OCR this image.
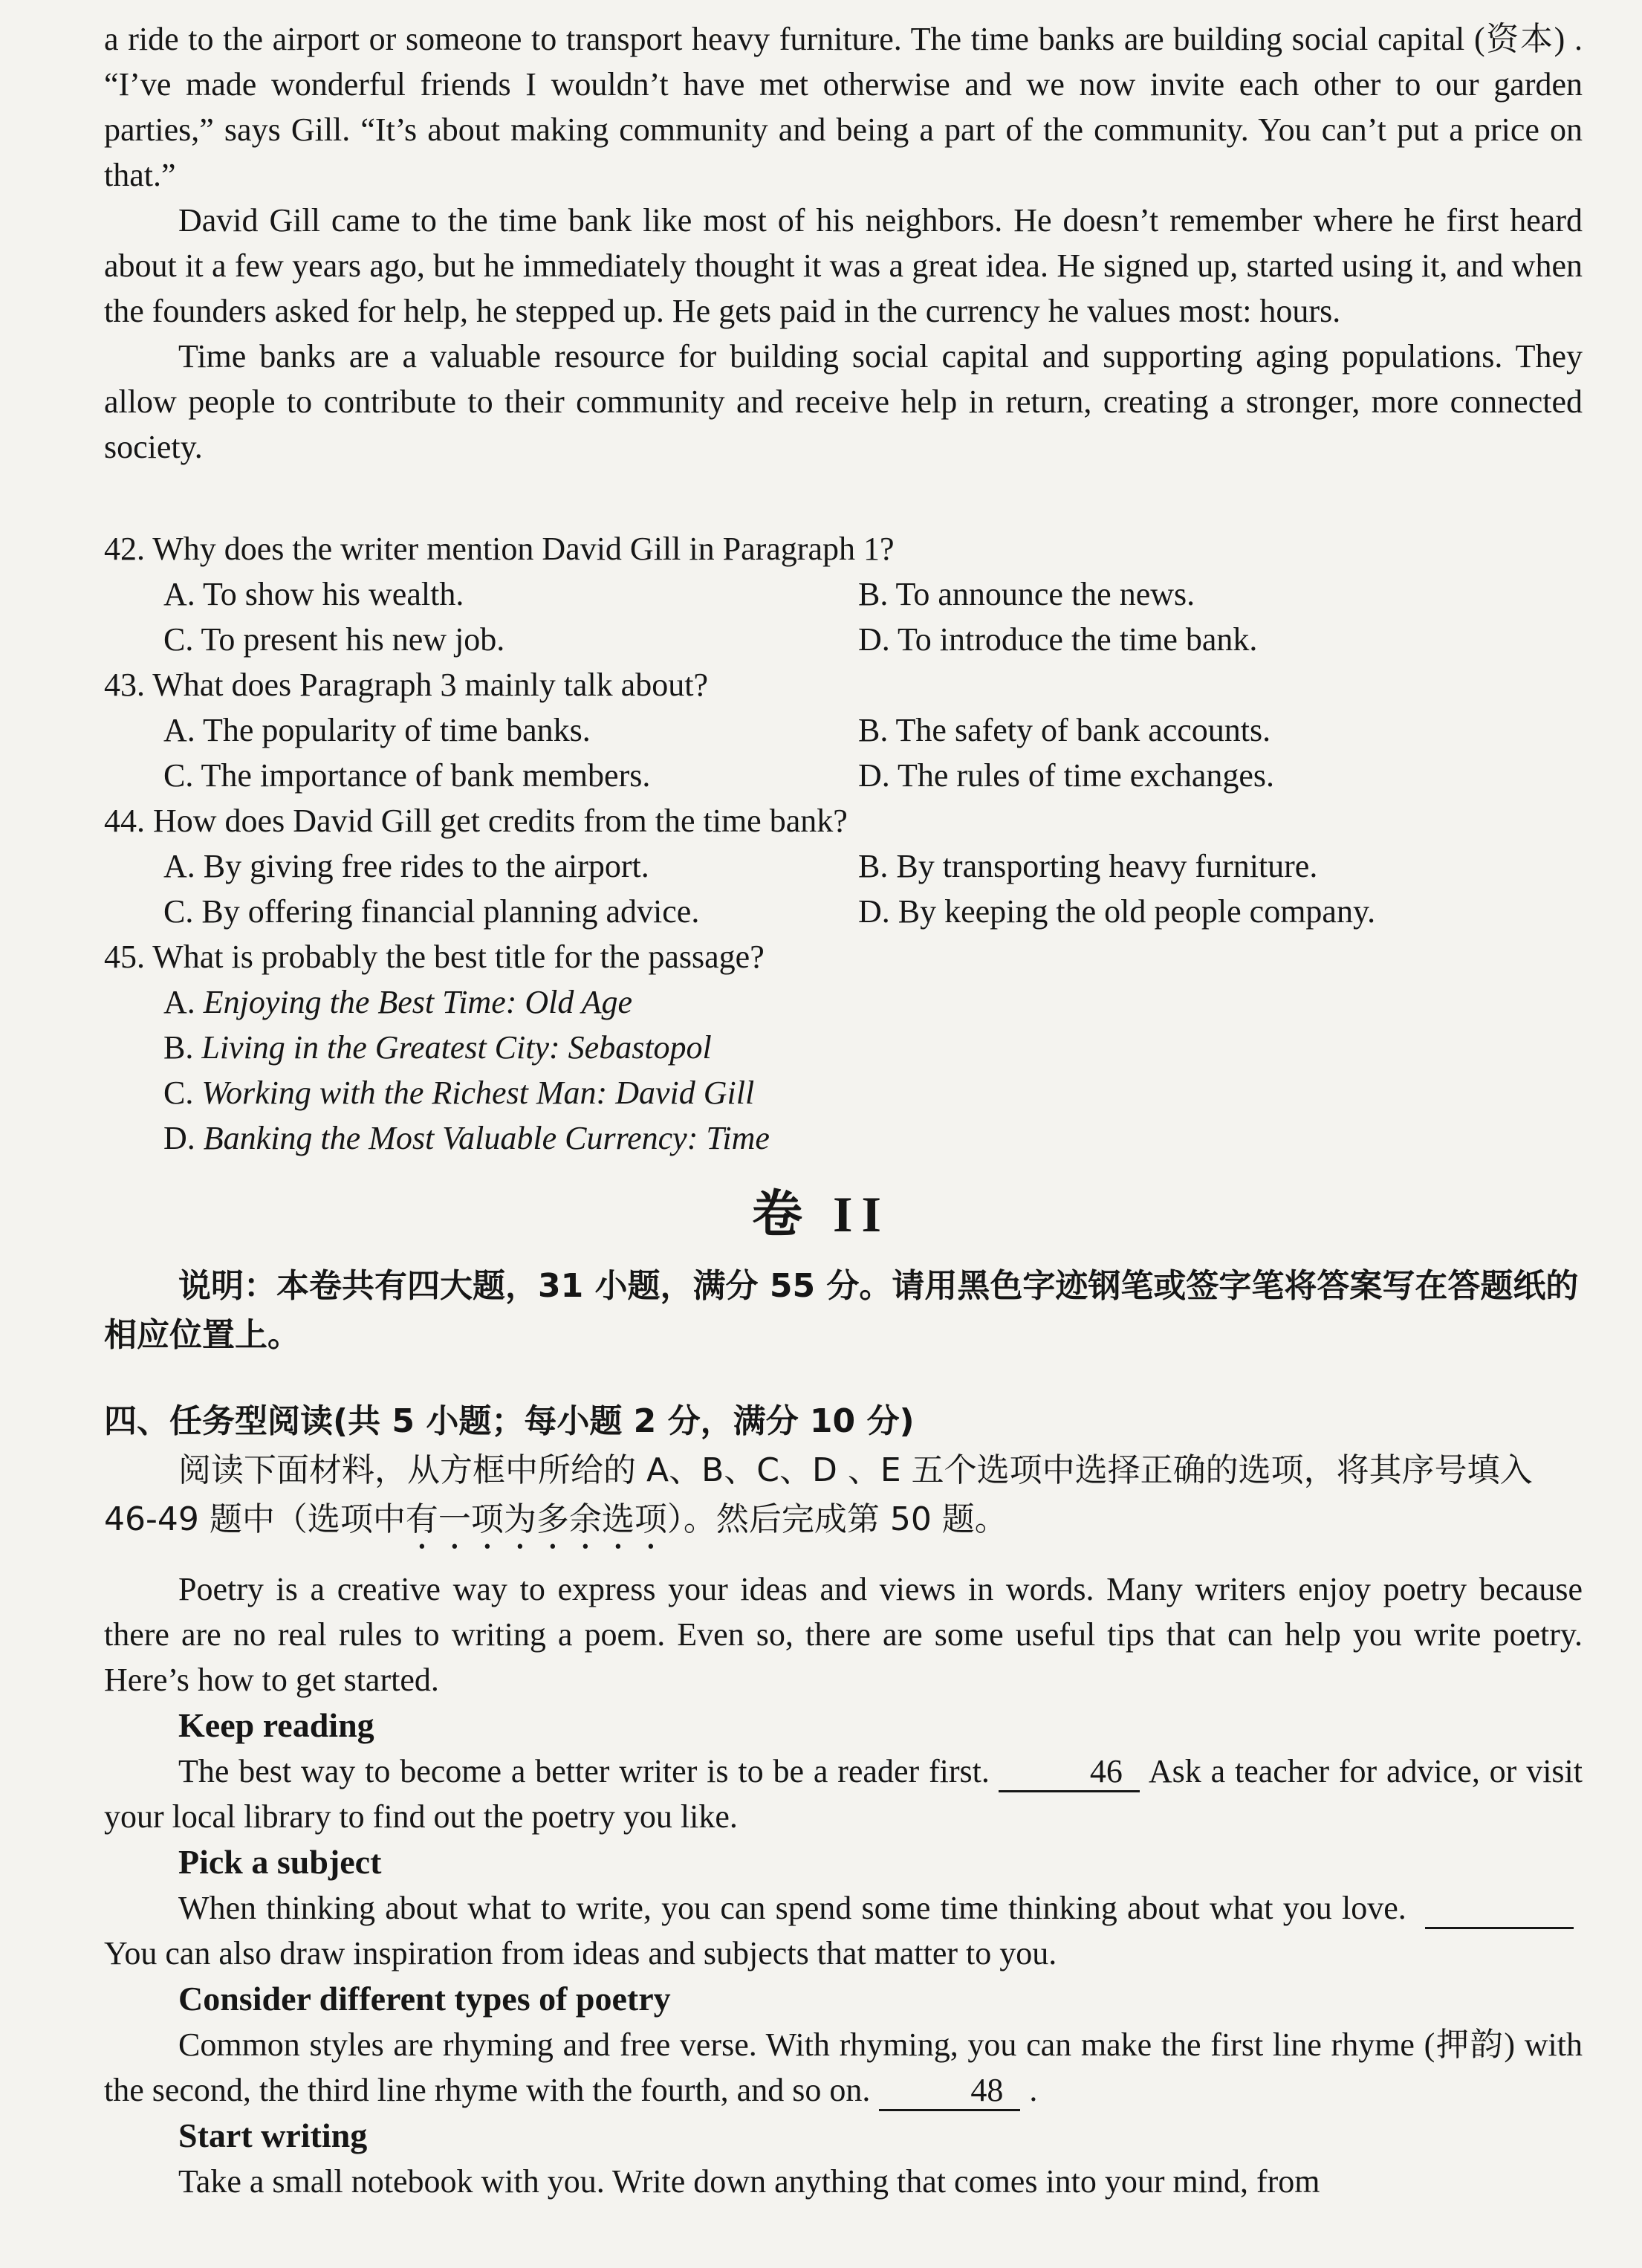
a ride to the airport or someone to transport heavy furniture. The time banks are building social capital (资本) . “I’ve made wonderful friends I wouldn’t have met otherwise and we now invite each other to our garden parties,” says Gill. “It’s about making community and being a part of the community. You can’t put a price on that.”

David Gill came to the time bank like most of his neighbors. He doesn’t remember where he first heard about it a few years ago, but he immediately thought it was a great idea. He signed up, started using it, and when the founders asked for help, he stepped up. He gets paid in the currency he values most: hours.

Time banks are a valuable resource for building social capital and supporting aging populations. They allow people to contribute to their community and receive help in return, creating a stronger, more connected society.

42. Why does the writer mention David Gill in Paragraph 1?

A. To show his wealth.	B. To announce the news.
C. To present his new job.	D. To introduce the time bank.

43. What does Paragraph 3 mainly talk about?

A. The popularity of time banks.	B. The safety of bank accounts.
C. The importance of bank members.	D. The rules of time exchanges.

44. How does David Gill get credits from the time bank?

A. By giving free rides to the airport.	B. By transporting heavy furniture.
C. By offering financial planning advice.	D. By keeping the old people company.

45. What is probably the best title for the passage?

A. Enjoying the Best Time: Old Age
B. Living in the Greatest City: Sebastopol
C. Working with the Richest Man: David Gill
D. Banking the Most Valuable Currency: Time
卷 II

说明：本卷共有四大题，31 小题，满分 55 分。请用黑色字迹钢笔或签字笔将答案写在答题纸的相应位置上。

四、任务型阅读(共 5 小题；每小题 2 分，满分 10 分)

阅读下面材料，从方框中所给的 A、B、C、D 、E 五个选项中选择正确的选项，将其序号填入 46-49 题中（选项中有一项为多余选项）。然后完成第 50 题。

Poetry is a creative way to express your ideas and views in words. Many writers enjoy poetry because there are no real rules to writing a poem. Even so, there are some useful tips that can help you write poetry. Here’s how to get started.

Keep reading

The best way to become a better writer is to be a reader first.	46 Ask a teacher for advice, or visit your local library to find out the poetry you like.

Pick a subject

When thinking about what to write, you can spend some time thinking about what you love.  You can also draw inspiration from ideas and subjects that matter to you.

Consider different types of poetry

Common styles are rhyming and free verse. With rhyming, you can make the first line rhyme (押韵) with the second, the third line rhyme with the fourth, and so on.	48 .

Start writing

Take a small notebook with you. Write down anything that comes into your mind, from
